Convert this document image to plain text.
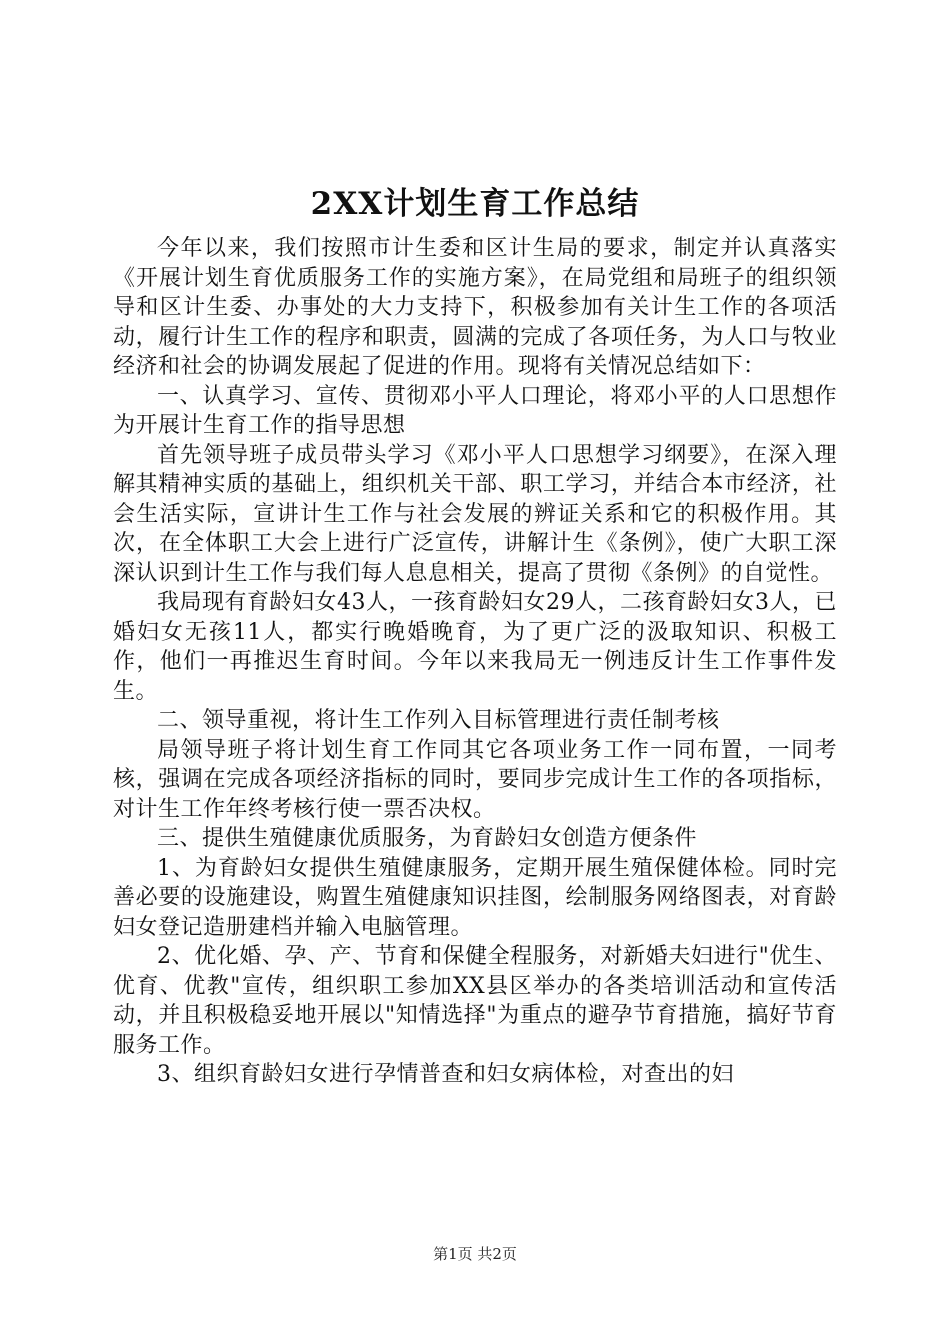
2XX计划生育工作总结

今年以来，我们按照市计生委和区计生局的要求，制定并认真落实《开展计划生育优质服务工作的实施方案》，在局党组和局班子的组织领导和区计生委、办事处的大力支持下，积极参加有关计生工作的各项活动，履行计生工作的程序和职责，圆满的完成了各项任务，为人口与牧业经济和社会的协调发展起了促进的作用。现将有关情况总结如下：

一、认真学习、宣传、贯彻邓小平人口理论，将邓小平的人口思想作为开展计生育工作的指导思想

首先领导班子成员带头学习《邓小平人口思想学习纲要》，在深入理解其精神实质的基础上，组织机关干部、职工学习，并结合本市经济，社会生活实际，宣讲计生工作与社会发展的辨证关系和它的积极作用。其次，在全体职工大会上进行广泛宣传，讲解计生《条例》，使广大职工深深认识到计生工作与我们每人息息相关，提高了贯彻《条例》的自觉性。

我局现有育龄妇女43人，一孩育龄妇女29人，二孩育龄妇女3人，已婚妇女无孩11人，都实行晚婚晚育，为了更广泛的汲取知识、积极工作，他们一再推迟生育时间。今年以来我局无一例违反计生工作事件发生。

二、领导重视，将计生工作列入目标管理进行责任制考核

局领导班子将计划生育工作同其它各项业务工作一同布置，一同考核，强调在完成各项经济指标的同时，要同步完成计生工作的各项指标，对计生工作年终考核行使一票否决权。

三、提供生殖健康优质服务，为育龄妇女创造方便条件

1、为育龄妇女提供生殖健康服务，定期开展生殖保健体检。同时完善必要的设施建设，购置生殖健康知识挂图，绘制服务网络图表，对育龄妇女登记造册建档并输入电脑管理。

2、优化婚、孕、产、节育和保健全程服务，对新婚夫妇进行"优生、优育、优教"宣传，组织职工参加XX县区举办的各类培训活动和宣传活动，并且积极稳妥地开展以"知情选择"为重点的避孕节育措施，搞好节育服务工作。

3、组织育龄妇女进行孕情普查和妇女病体检，对查出的妇

第1页 共2页
